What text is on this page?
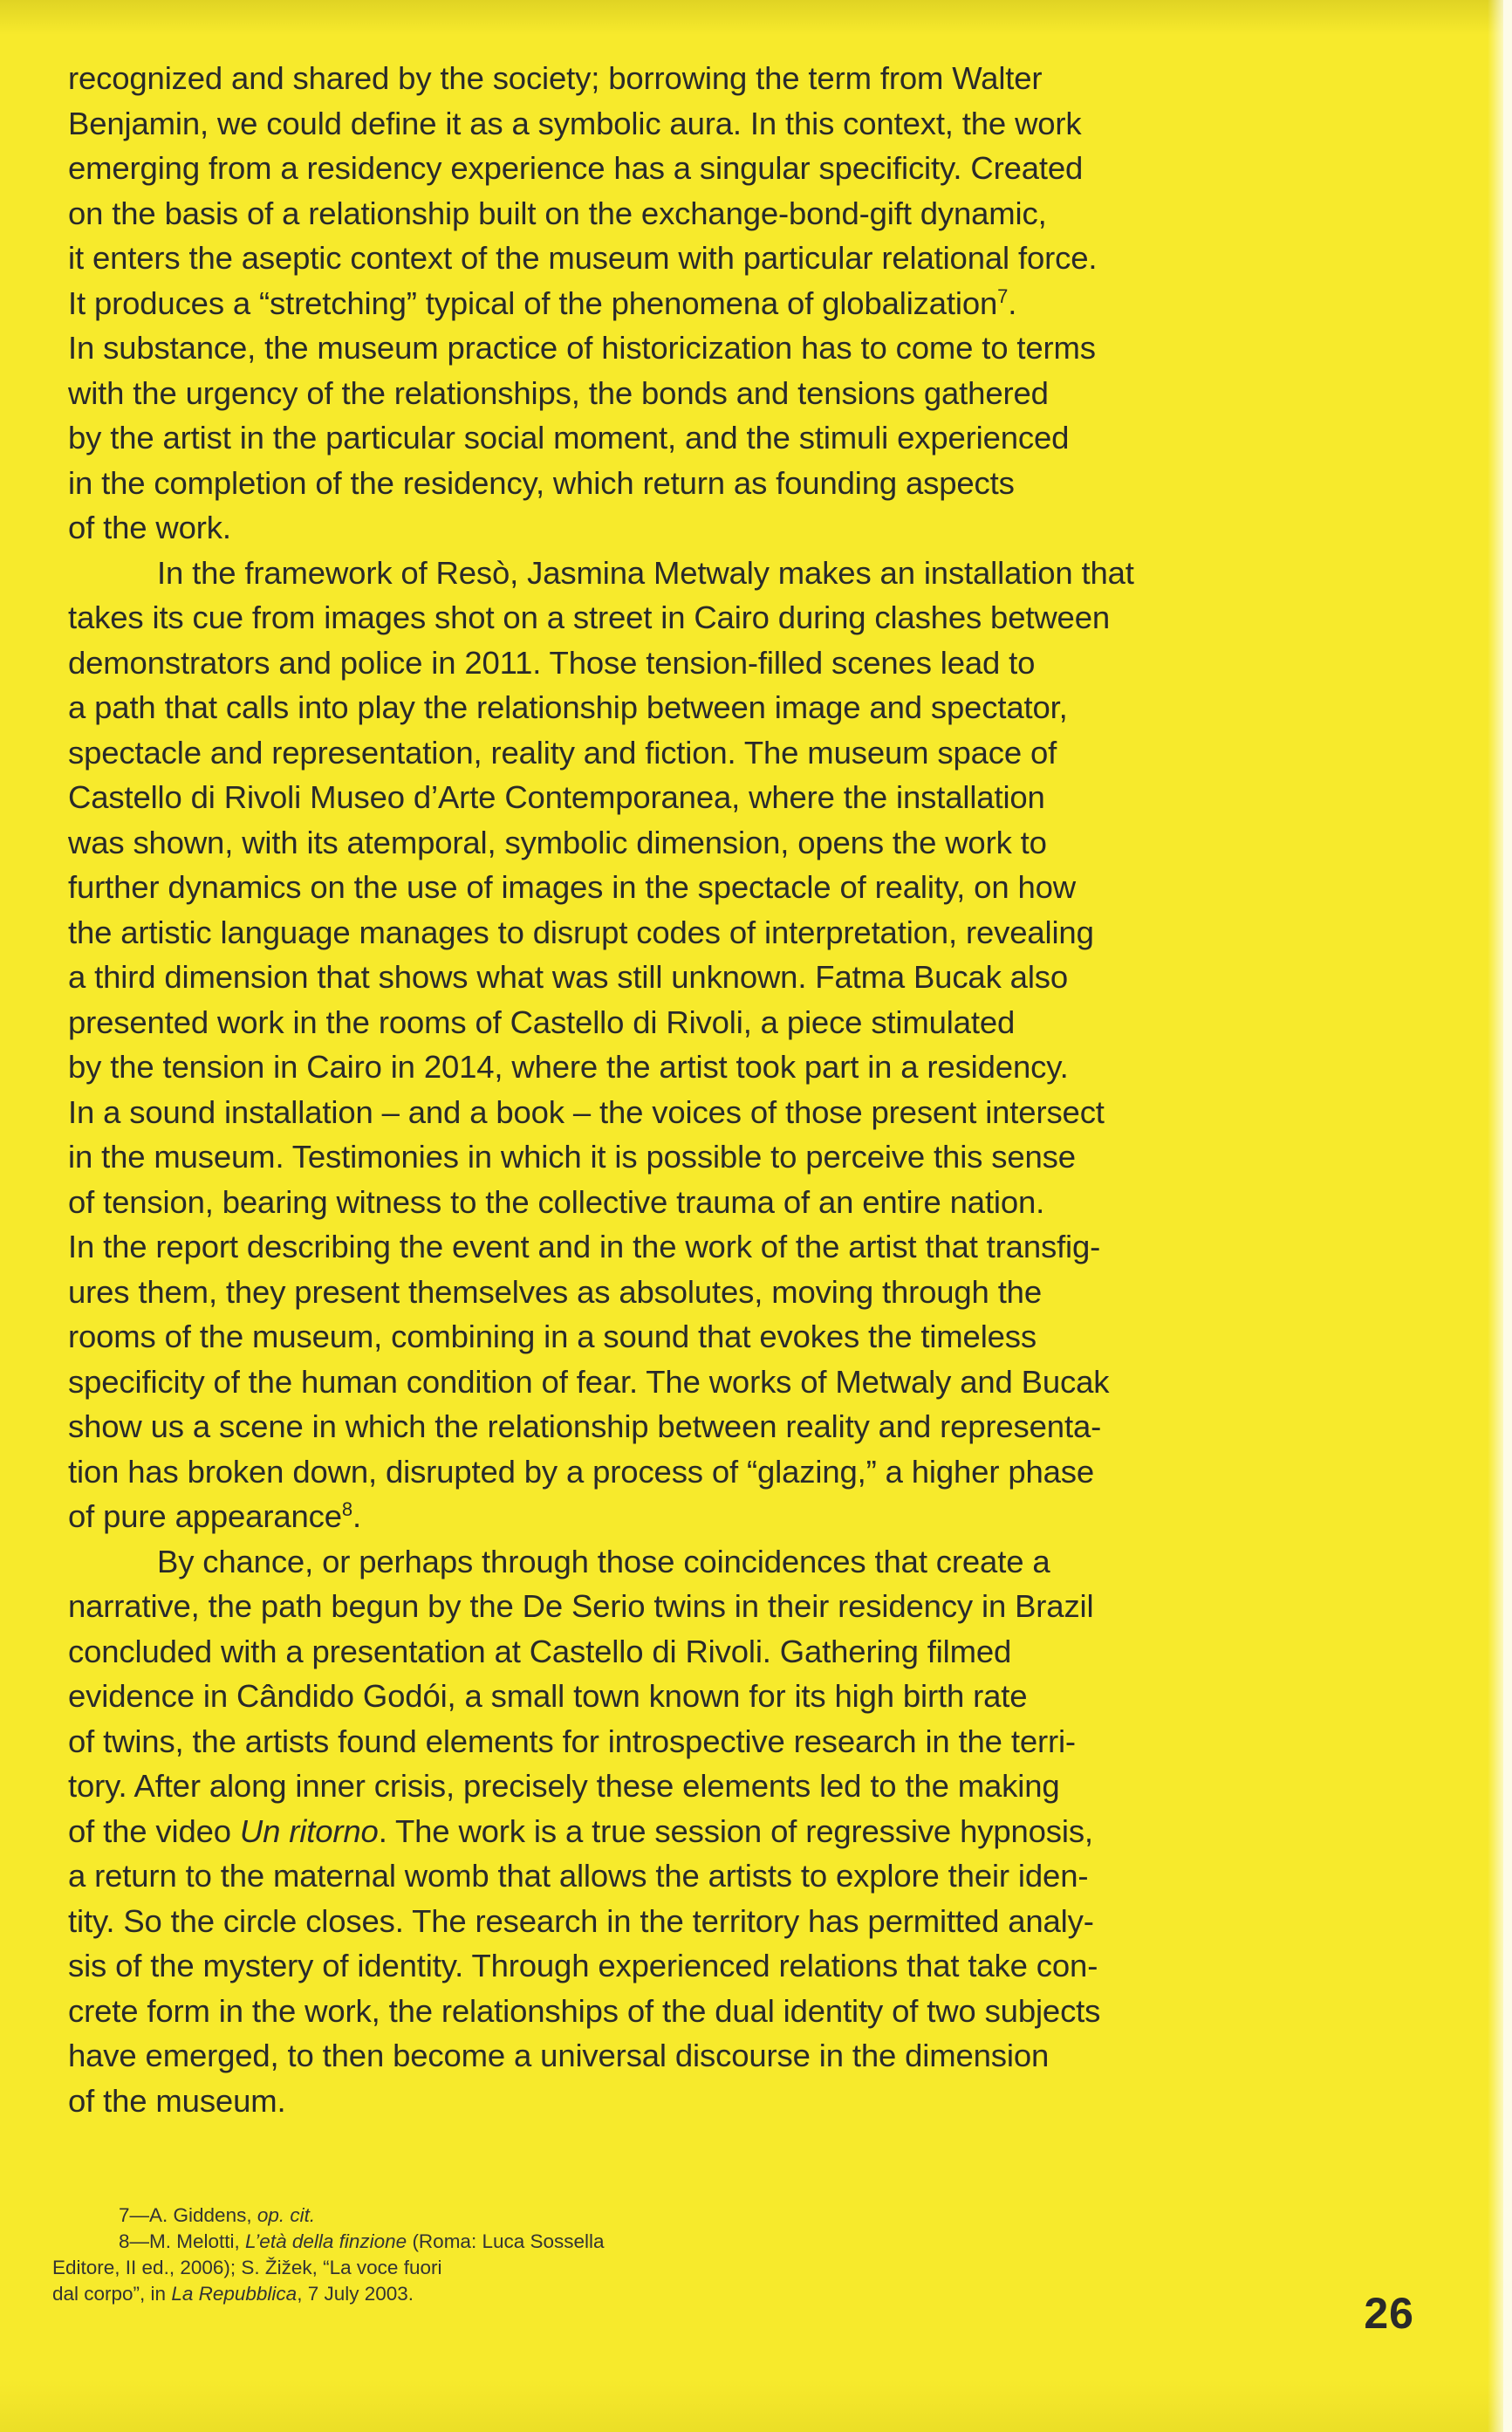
recognized and shared by the society; borrowing the term from Walter
Benjamin, we could define it as a symbolic aura. In this context, the work
emerging from a residency experience has a singular specificity. Created
on the basis of a relationship built on the exchange-bond-gift dynamic,
it enters the aseptic context of the museum with particular relational force.
It produces a “stretching” typical of the phenomena of globalization$^7$.
In substance, the museum practice of historicization has to come to terms
with the urgency of the relationships, the bonds and tensions gathered
by the artist in the particular social moment, and the stimuli experienced
in the completion of the residency, which return as founding aspects
of the work.
In the framework of Resò, Jasmina Metwaly makes an installation that
takes its cue from images shot on a street in Cairo during clashes between
demonstrators and police in 2011. Those tension-filled scenes lead to
a path that calls into play the relationship between image and spectator,
spectacle and representation, reality and fiction. The museum space of
Castello di Rivoli Museo d’Arte Contemporanea, where the installation
was shown, with its atemporal, symbolic dimension, opens the work to
further dynamics on the use of images in the spectacle of reality, on how
the artistic language manages to disrupt codes of interpretation, revealing
a third dimension that shows what was still unknown. Fatma Bucak also
presented work in the rooms of Castello di Rivoli, a piece stimulated
by the tension in Cairo in 2014, where the artist took part in a residency.
In a sound installation – and a book – the voices of those present intersect
in the museum. Testimonies in which it is possible to perceive this sense
of tension, bearing witness to the collective trauma of an entire nation.
In the report describing the event and in the work of the artist that transfig-
ures them, they present themselves as absolutes, moving through the
rooms of the museum, combining in a sound that evokes the timeless
specificity of the human condition of fear. The works of Metwaly and Bucak
show us a scene in which the relationship between reality and representa-
tion has broken down, disrupted by a process of “glazing,” a higher phase
of pure appearance$^8$.
By chance, or perhaps through those coincidences that create a
narrative, the path begun by the De Serio twins in their residency in Brazil
concluded with a presentation at Castello di Rivoli. Gathering filmed
evidence in Cândido Godói, a small town known for its high birth rate
of twins, the artists found elements for introspective research in the terri-
tory. After along inner crisis, precisely these elements led to the making
of the video Un ritorno. The work is a true session of regressive hypnosis,
a return to the maternal womb that allows the artists to explore their iden-
tity. So the circle closes. The research in the territory has permitted analy-
sis of the mystery of identity. Through experienced relations that take con-
crete form in the work, the relationships of the dual identity of two subjects
have emerged, to then become a universal discourse in the dimension
of the museum.
7—A. Giddens, op. cit.
8—M. Melotti, L’età della finzione (Roma: Luca Sossella
Editore, II ed., 2006); S. Žižek, “La voce fuori
dal corpo”, in La Repubblica, 7 July 2003.	26
